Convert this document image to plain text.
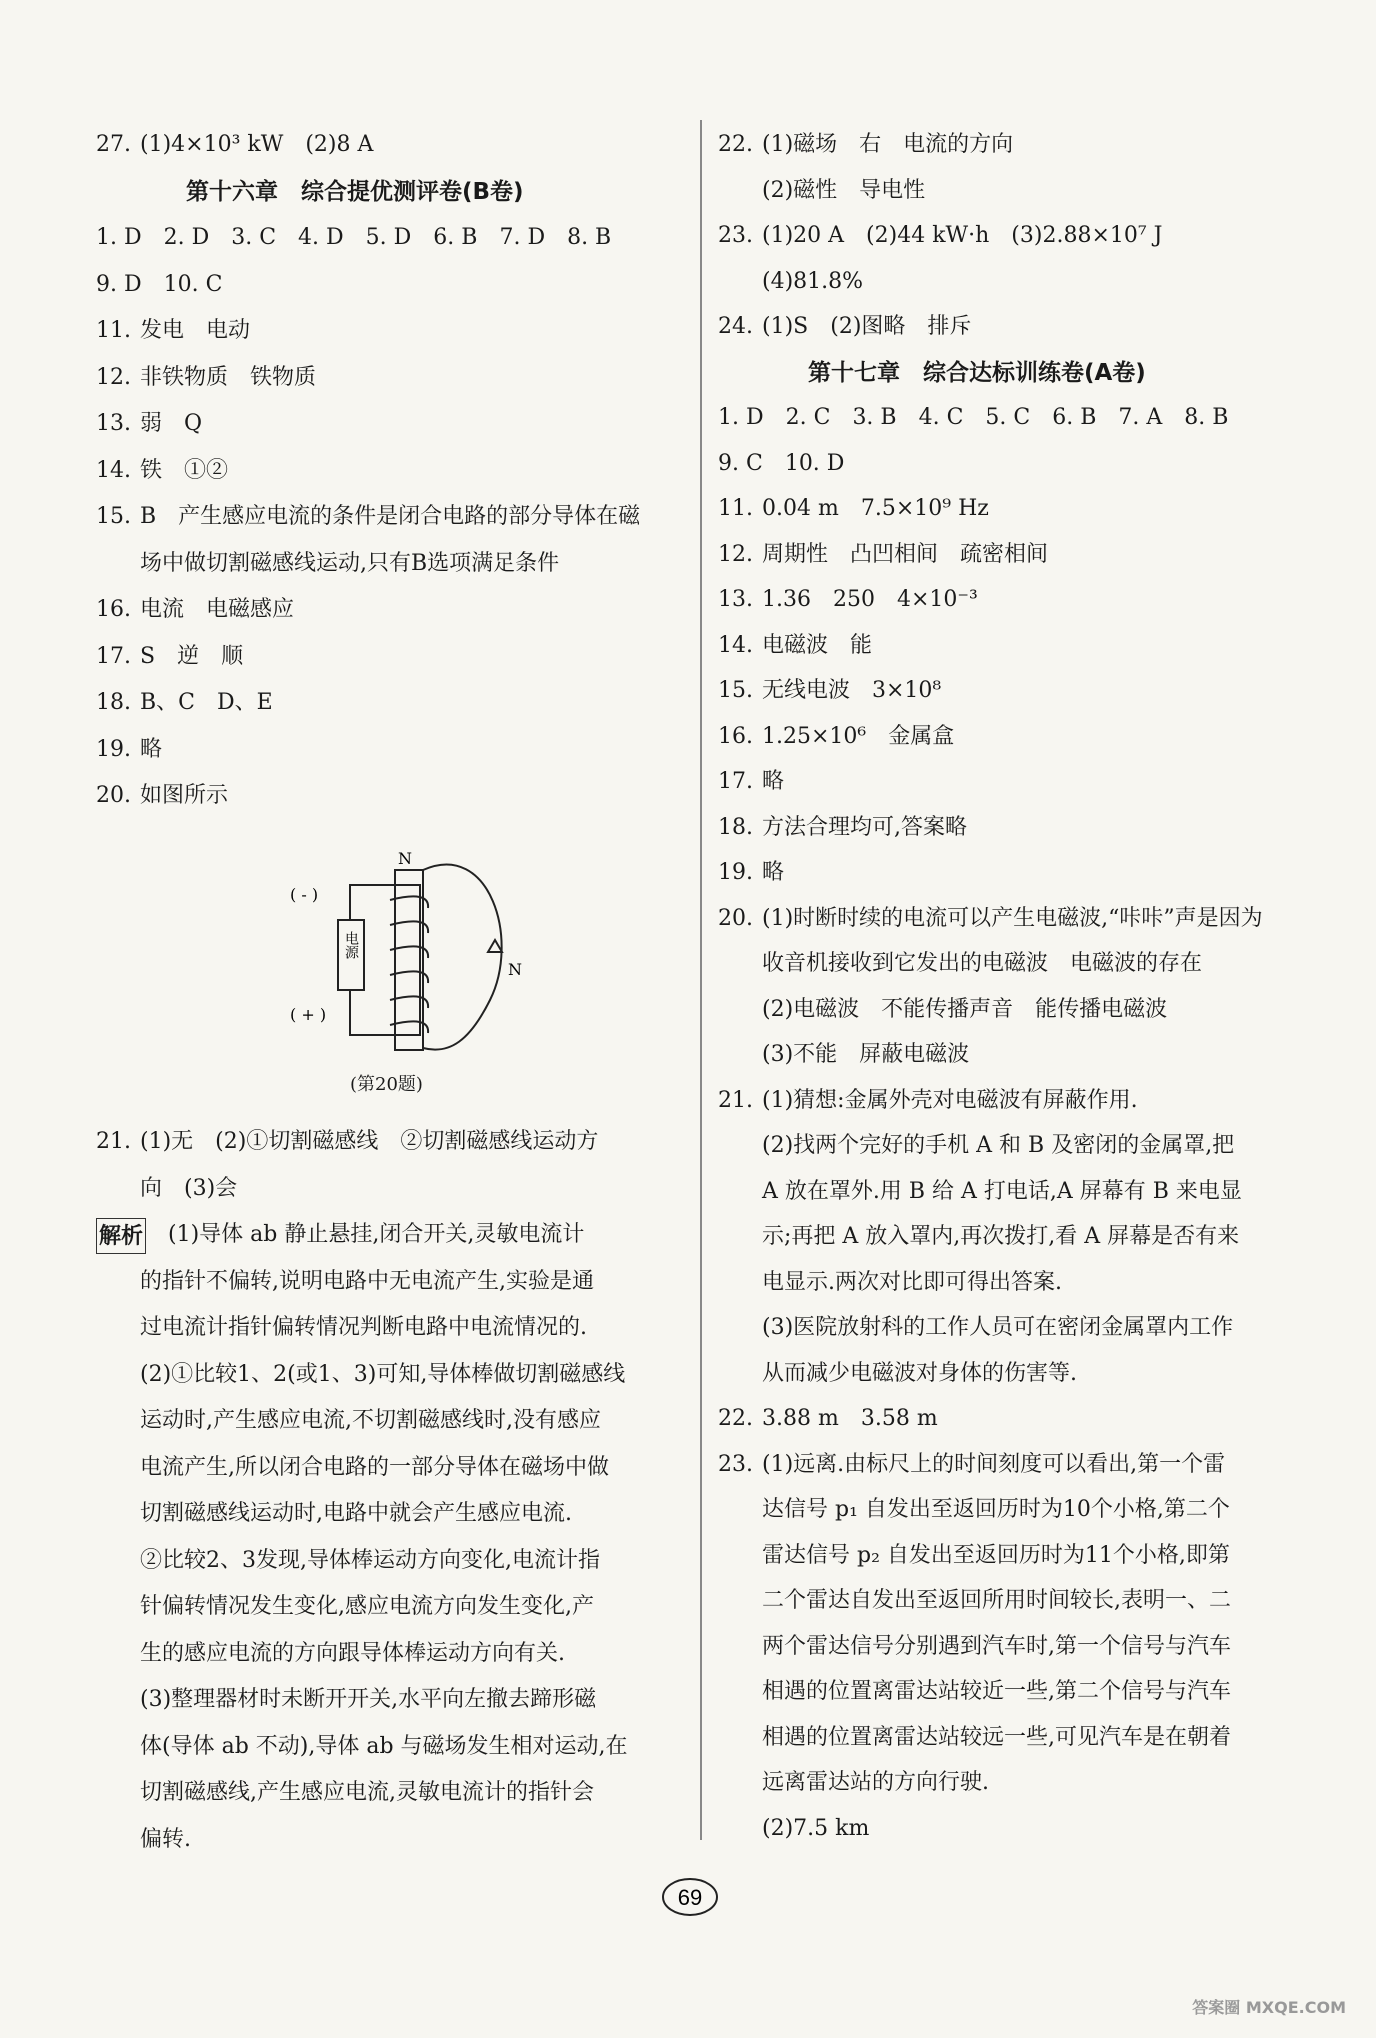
27. (1)4×10³ kW　(2)8 A
第十六章　综合提优测评卷(B卷)
1. D　2. D　3. C　4. D　5. D　6. B　7. D　8. B
9. D　10. C
11. 发电　电动
12. 非铁物质　铁物质
13. 弱　Q
14. 铁　①②
15. B　产生感应电流的条件是闭合电路的部分导体在磁
场中做切割磁感线运动,只有B选项满足条件
16. 电流　电磁感应
17. S　逆　顺
18. B、C　D、E
19. 略
20. 如图所示
21. (1)无　(2)①切割磁感线　②切割磁感线运动方
向　(3)会
解析 (1)导体 ab 静止悬挂,闭合开关,灵敏电流计
的指针不偏转,说明电路中无电流产生,实验是通
过电流计指针偏转情况判断电路中电流情况的.
(2)①比较1、2(或1、3)可知,导体棒做切割磁感线
运动时,产生感应电流,不切割磁感线时,没有感应
电流产生,所以闭合电路的一部分导体在磁场中做
切割磁感线运动时,电路中就会产生感应电流.
②比较2、3发现,导体棒运动方向变化,电流计指
针偏转情况发生变化,感应电流方向发生变化,产
生的感应电流的方向跟导体棒运动方向有关.
(3)整理器材时未断开开关,水平向左撤去蹄形磁
体(导体 ab 不动),导体 ab 与磁场发生相对运动,在
切割磁感线,产生感应电流,灵敏电流计的指针会
偏转.
22. (1)磁场　右　电流的方向
(2)磁性　导电性
23. (1)20 A　(2)44 kW·h　(3)2.88×10⁷ J
(4)81.8%
24. (1)S　(2)图略　排斥
第十七章　综合达标训练卷(A卷)
1. D　2. C　3. B　4. C　5. C　6. B　7. A　8. B
9. C　10. D
11. 0.04 m　7.5×10⁹ Hz
12. 周期性　凸凹相间　疏密相间
13. 1.36　250　4×10⁻³
14. 电磁波　能
15. 无线电波　3×10⁸
16. 1.25×10⁶　金属盒
17. 略
18. 方法合理均可,答案略
19. 略
20. (1)时断时续的电流可以产生电磁波,“咔咔”声是因为
收音机接收到它发出的电磁波　电磁波的存在
(2)电磁波　不能传播声音　能传播电磁波
(3)不能　屏蔽电磁波
21. (1)猜想:金属外壳对电磁波有屏蔽作用.
(2)找两个完好的手机 A 和 B 及密闭的金属罩,把
A 放在罩外.用 B 给 A 打电话,A 屏幕有 B 来电显
示;再把 A 放入罩内,再次拨打,看 A 屏幕是否有来
电显示.两次对比即可得出答案.
(3)医院放射科的工作人员可在密闭金属罩内工作
从而减少电磁波对身体的伤害等.
22. 3.88 m　3.58 m
23. (1)远离.由标尺上的时间刻度可以看出,第一个雷
达信号 p₁ 自发出至返回历时为10个小格,第二个
雷达信号 p₂ 自发出至返回历时为11个小格,即第
二个雷达自发出至返回所用时间较长,表明一、二
两个雷达信号分别遇到汽车时,第一个信号与汽车
相遇的位置离雷达站较近一些,第二个信号与汽车
相遇的位置离雷达站较远一些,可见汽车是在朝着
远离雷达站的方向行驶.
(2)7.5 km
电源
N
N
( - )
( + )
(第20题)
69
答案圈 MXQE.COM
